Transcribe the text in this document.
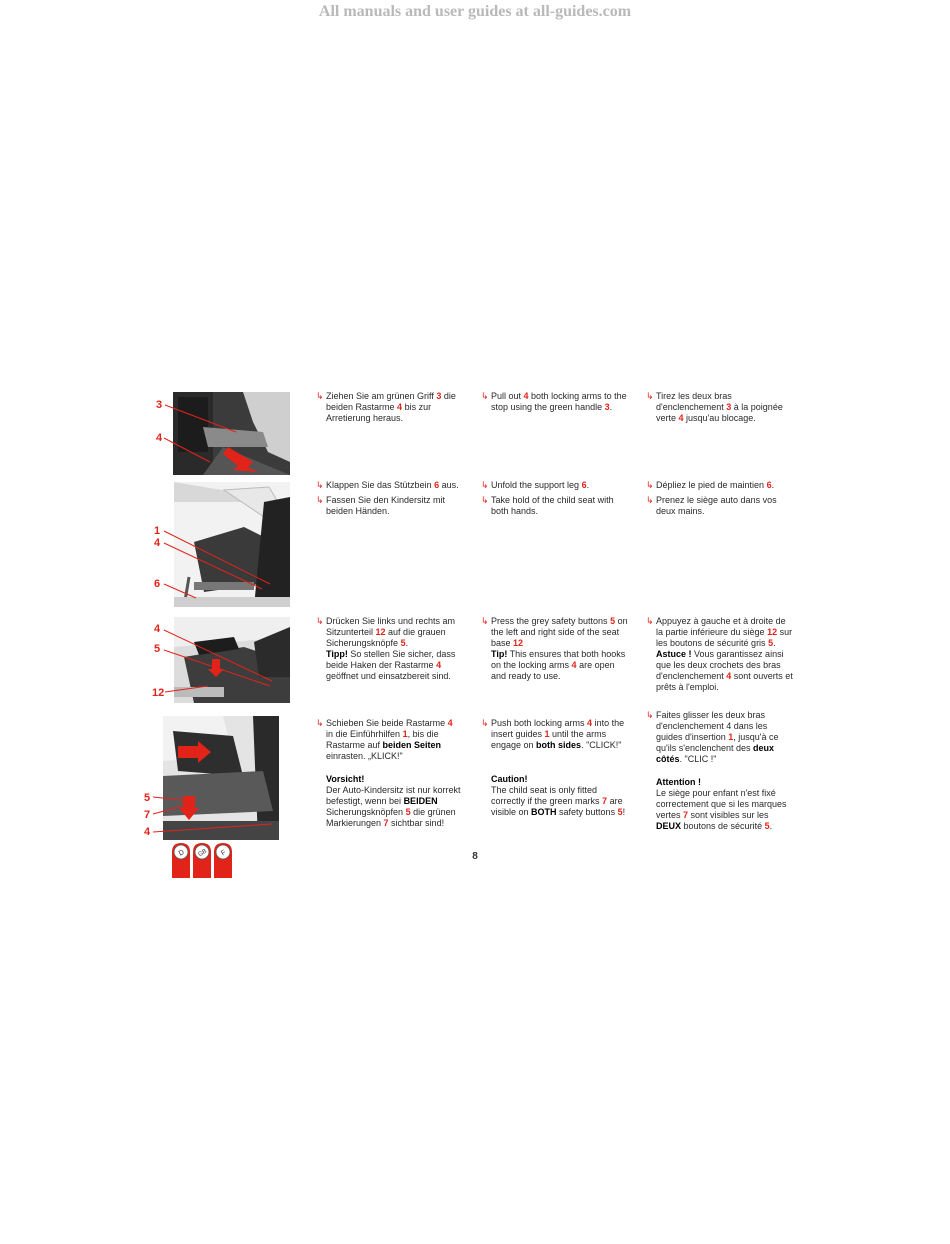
All manuals and user guides at all-guides.com
3
4
1
4
6
4
5
12
5
7
4

↳ Ziehen Sie am grünen Griff 3 die beiden Rastarme 4 bis zur Arretierung heraus.

↳ Pull out 4 both locking arms to the stop using the green handle 3.

↳ Tirez les deux bras d'enclenchement 3 à la poignée verte 4 jusqu'au blocage.

↳ Klappen Sie das Stützbein 6 aus.

↳ Fassen Sie den Kindersitz mit beiden Händen.

↳ Unfold the support leg 6.

↳ Take hold of the child seat with both hands.

↳ Dépliez le pied de maintien 6.

↳ Prenez le siège auto dans vos deux mains.

↳ Drücken Sie links und rechts am Sitzunterteil 12 auf die grauen Sicherungsknöpfe 5.
Tipp! So stellen Sie sicher, dass beide Haken der Rastarme 4 geöffnet und einsatzbereit sind.

↳ Press the grey safety buttons 5 on the left and right side of the seat base 12
Tip! This ensures that both hooks on the locking arms 4 are open and ready to use.

↳ Appuyez à gauche et à droite de la partie inférieure du siège 12 sur les boutons de sécurité gris 5.
Astuce ! Vous garantissez ainsi que les deux crochets des bras d'enclenchement 4 sont ouverts et prêts à l'emploi.

↳ Schieben Sie beide Rastarme 4 in die Einführhilfen 1, bis die Rastarme auf beiden Seiten einrasten. „KLICK!"

↳ Push both locking arms 4 into the insert guides 1 until the arms engage on both sides. "CLICK!"

↳ Faites glisser les deux bras d'enclenchement 4 dans les guides d'insertion 1, jusqu'à ce qu'ils s'enclenchent des deux côtés. "CLIC !"

Vorsicht!
Der Auto-Kindersitz ist nur korrekt befestigt, wenn bei BEIDEN Sicherungsknöpfen 5 die grünen Markierungen 7 sichtbar sind!

Caution!
The child seat is only fitted correctly if the green marks 7 are visible on BOTH safety buttons 5!

Attention !
Le siège pour enfant n'est fixé correctement que si les marques vertes 7 sont visibles sur les DEUX boutons de sécurité 5.

8
D GB F
